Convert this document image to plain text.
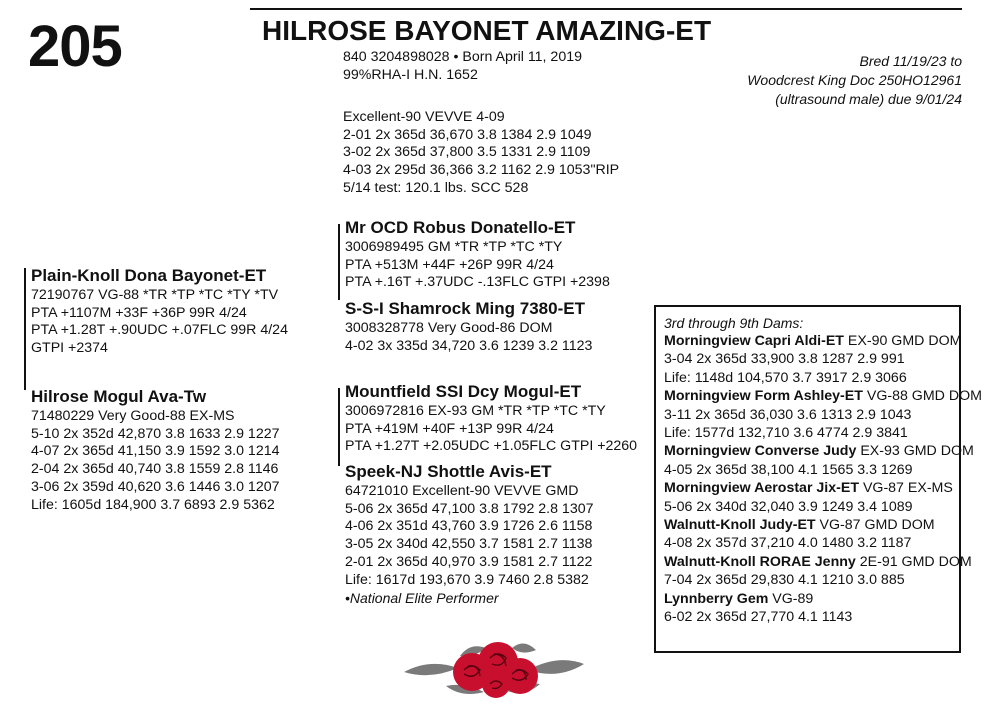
205	HILROSE BAYONET AMAZING-ET
840 3204898028 • Born April 11, 2019
99%RHA-I H.N. 1652
Excellent-90 VEVVE 4-09
2-01 2x 365d 36,670 3.8 1384 2.9 1049
3-02 2x 365d 37,800 3.5 1331 2.9 1109
4-03 2x 295d 36,366 3.2 1162 2.9 1053"RIP
5/14 test: 120.1 lbs. SCC 528
Bred 11/19/23 to
Woodcrest King Doc 250HO12961
(ultrasound male) due 9/01/24
Mr OCD Robus Donatello-ET
3006989495 GM *TR *TP *TC *TY
PTA +513M +44F +26P 99R 4/24
PTA +.16T +.37UDC -.13FLC GTPI +2398
Plain-Knoll Dona Bayonet-ET
72190767 VG-88 *TR *TP *TC *TY *TV
PTA +1107M +33F +36P 99R 4/24
PTA +1.28T +.90UDC +.07FLC 99R 4/24
GTPI +2374
S-S-I Shamrock Ming 7380-ET
3008328778 Very Good-86 DOM
4-02 3x 335d 34,720 3.6 1239 3.2 1123
Hilrose Mogul Ava-Tw
71480229 Very Good-88 EX-MS
5-10 2x 352d 42,870 3.8 1633 2.9 1227
4-07 2x 365d 41,150 3.9 1592 3.0 1214
2-04 2x 365d 40,740 3.8 1559 2.8 1146
3-06 2x 359d 40,620 3.6 1446 3.0 1207
Life: 1605d 184,900 3.7 6893 2.9 5362
Mountfield SSI Dcy Mogul-ET
3006972816 EX-93 GM *TR *TP *TC *TY
PTA +419M +40F +13P 99R 4/24
PTA +1.27T +2.05UDC +1.05FLC GTPI +2260
Speek-NJ Shottle Avis-ET
64721010 Excellent-90 VEVVE GMD
5-06 2x 365d 47,100 3.8 1792 2.8 1307
4-06 2x 351d 43,760 3.9 1726 2.6 1158
3-05 2x 340d 42,550 3.7 1581 2.7 1138
2-01 2x 365d 40,970 3.9 1581 2.7 1122
Life: 1617d 193,670 3.9 7460 2.8 5382
•National Elite Performer
3rd through 9th Dams:
Morningview Capri Aldi-ET EX-90 GMD DOM
3-04 2x 365d 33,900 3.8 1287 2.9 991
Life: 1148d 104,570 3.7 3917 2.9 3066
Morningview Form Ashley-ET VG-88 GMD DOM
3-11 2x 365d 36,030 3.6 1313 2.9 1043
Life: 1577d 132,710 3.6 4774 2.9 3841
Morningview Converse Judy EX-93 GMD DOM
4-05 2x 365d 38,100 4.1 1565 3.3 1269
Morningview Aerostar Jix-ET VG-87 EX-MS
5-06 2x 340d 32,040 3.9 1249 3.4 1089
Walnutt-Knoll Judy-ET VG-87 GMD DOM
4-08 2x 357d 37,210 4.0 1480 3.2 1187
Walnutt-Knoll RORAE Jenny 2E-91 GMD DOM
7-04 2x 365d 29,830 4.1 1210 3.0 885
Lynnberry Gem VG-89
6-02 2x 365d 27,770 4.1 1143
